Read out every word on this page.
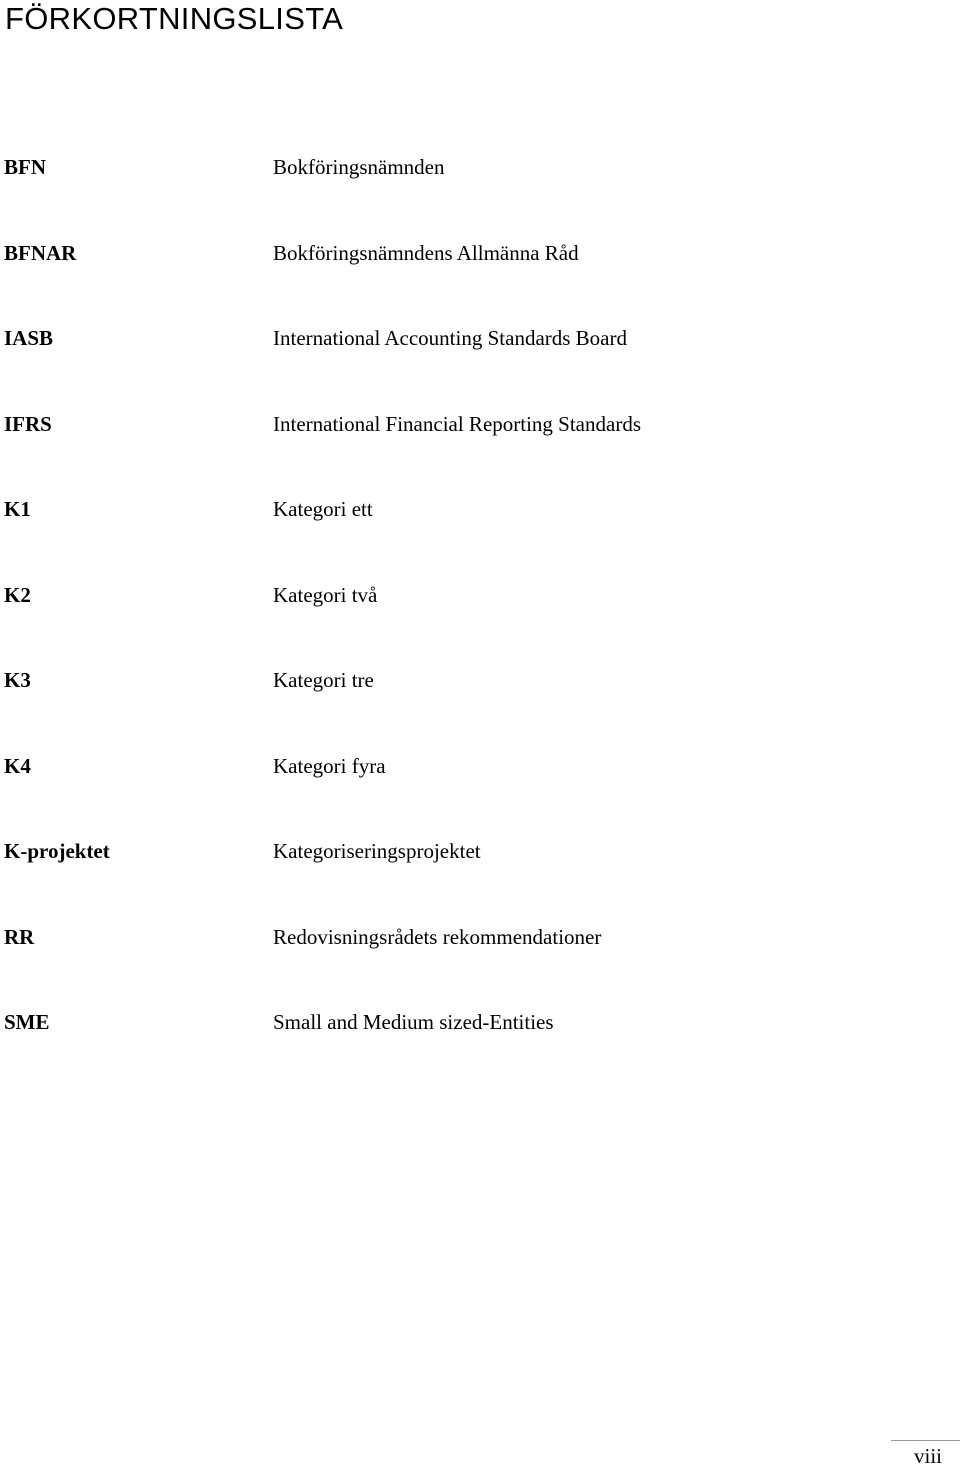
FÖRKORTNINGSLISTA
BFN	Bokföringsnämnden
BFNAR	Bokföringsnämndens Allmänna Råd
IASB	International Accounting Standards Board
IFRS	International Financial Reporting Standards
K1	Kategori ett
K2	Kategori två
K3	Kategori tre
K4	Kategori fyra
K-projektet	Kategoriseringsprojektet
RR	Redovisningsrådets rekommendationer
SME	Small and Medium sized-Entities
viii
